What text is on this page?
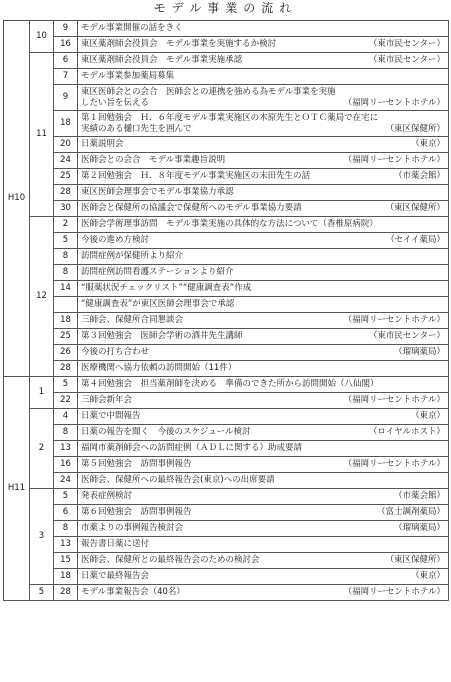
モデル事業の流れ
H10	10	9	モデル事業開催の話をきく

		16	東区薬剤師会役員会　モデル事業を実施するか検討 （東市民センター）

	11	6	東区薬剤師会役員会　モデル事業実施承認 （東市民センター）

		7	モデル事業参加薬局募集

		9	東区医師会との会合　医師会との連携を強める為モデル事業を実施したい旨を伝える （福岡リーセントホテル）

		18	第１回勉強会　Ｈ．６年度モデル事業実施区の木原先生とＯＴＣ薬局で在宅に実績のある樋口先生を囲んで （東区保健所）

		20	日薬説明会 （東京）

		24	医師会との会合　モデル事業趣旨説明 （福岡リーセントホテル）

		25	第２回勉強会　Ｈ．８年度モデル事業実施区の末田先生の話 （市薬会館）

		28	東区医師会理事会でモデル事業協力承認

		30	医師会と保健所の協議会で保健所へのモデル事業協力要請 （東区保健所）

	12	2	医師会学術理事訪問　モデル事業実施の具体的な方法について（香椎原病院）

		5	今後の進め方検討 （セイイ薬局）

		8	訪問症例が保健所より紹介

		8	訪問症例訪問看護ステーションより紹介

		14	“服薬状況チェックリスト”“健康調査表”作成

			“健康調査表”が東区医師会理事会で承認

		18	三師会、保健所合同懇談会 （福岡リーセントホテル）

		25	第３回勉強会　医師会学術の酒井先生講師 （東市民センター）

		26	今後の打ち合わせ （瑠璃薬局）

		28	医療機関へ協力依頼の訪問開始（11件）

H11	1	5	第４回勉強会　担当薬剤師を決める　準備のできた所から訪問開始（八仙閣）

		22	三師会新年会 （福岡リーセントホテル）

	2	4	日薬で中間報告 （東京）

		8	日薬の報告を聞く　今後のスケジュール検討 （ロイヤルホスト）

		13	福岡市薬剤師会への訪問症例（ＡＤＬに関する）助成要請

		16	第５回勉強会　訪問事例報告 （福岡リーセントホテル）

		24	医師会、保健所への最終報告会(東京)への出席要請

	3	5	発表症例検討 （市薬会館）

		6	第６回勉強会　訪問事例報告 （富士調剤薬局）

		8	市薬よりの事例報告検討会 （瑠璃薬局）

		13	報告書日薬に送付

		15	医師会、保健所との最終報告会のための検討会 （東区保健所）

		18	日薬で最終報告会 （東京）

	5	28	モデル事業報告会（40名） （福岡リーセントホテル）
